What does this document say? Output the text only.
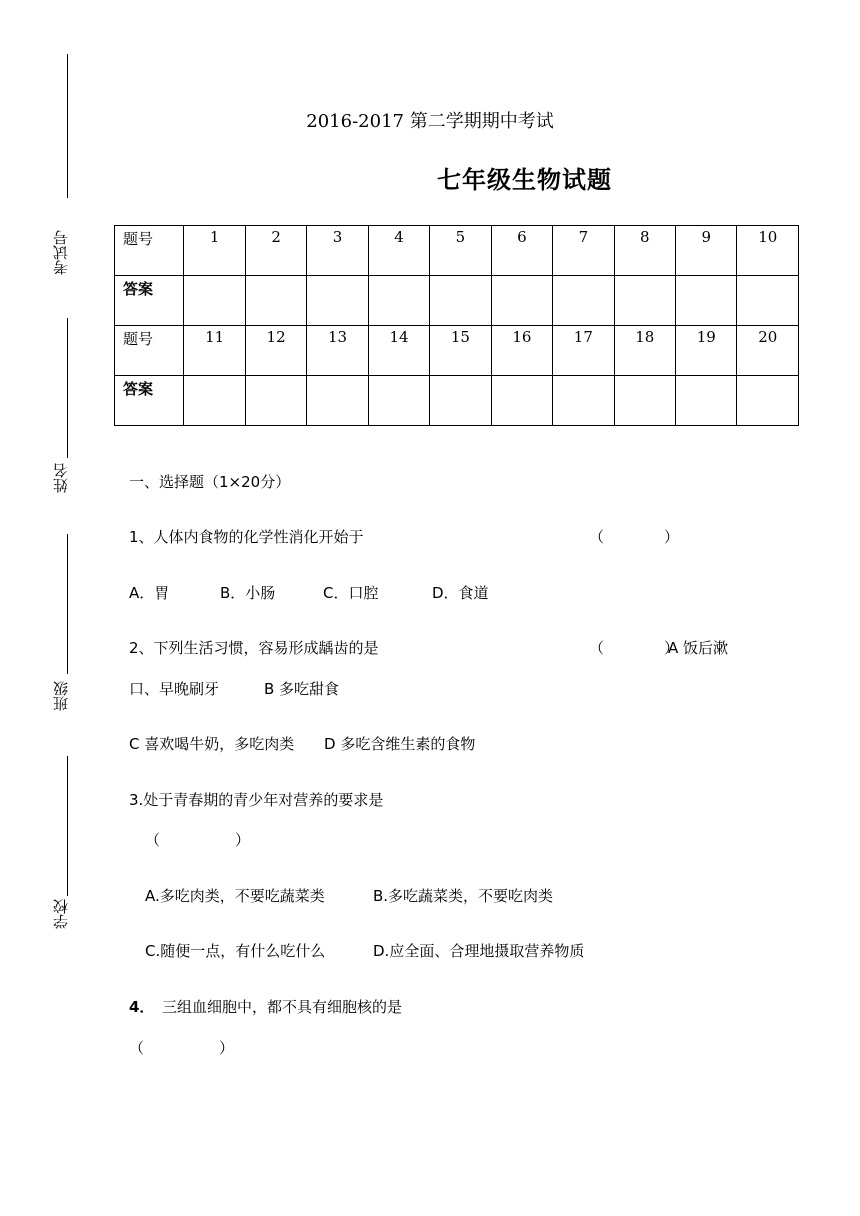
考试号
姓名
班级
学校
2016-2017 第二学期期中考试
七年级生物试题
题号	1	2	3	4	5	6	7	8	9	10
答案										
题号	11	12	13	14	15	16	17	18	19	20
答案										
一、选择题（1×20分）
1、人体内食物的化学性消化开始于	（　　　　）
A．胃	B．小肠	C．口腔	D．食道
2、下列生活习惯，容易形成龋齿的是	（　　　　）
A 饭后漱
口、早晚刷牙	B 多吃甜食
C 喜欢喝牛奶，多吃肉类 D 多吃含维生素的食物
3.处于青春期的青少年对营养的要求是
（　　　　　）
A.多吃肉类，不要吃蔬菜类	B.多吃蔬菜类，不要吃肉类
C.随便一点，有什么吃什么	D.应全面、合理地摄取营养物质
4． 三组血细胞中，都不具有细胞核的是
（　　　　　）
